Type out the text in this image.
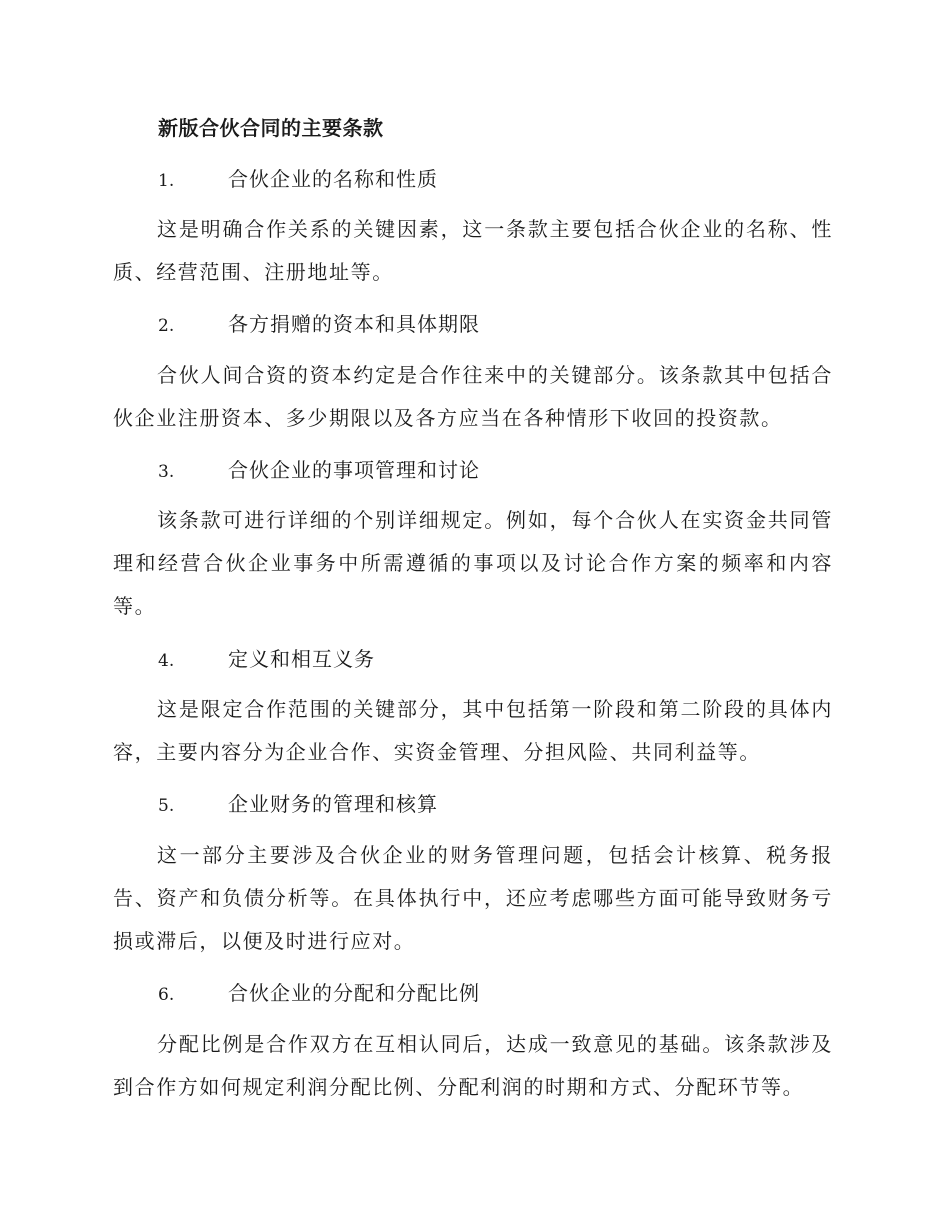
新版合伙合同的主要条款
1.	合伙企业的名称和性质
这是明确合作关系的关键因素，这一条款主要包括合伙企业的名称、性质、经营范围、注册地址等。
2.	各方捐赠的资本和具体期限
合伙人间合资的资本约定是合作往来中的关键部分。该条款其中包括合伙企业注册资本、多少期限以及各方应当在各种情形下收回的投资款。
3.	合伙企业的事项管理和讨论
该条款可进行详细的个别详细规定。例如，每个合伙人在实资金共同管理和经营合伙企业事务中所需遵循的事项以及讨论合作方案的频率和内容等。
4.	定义和相互义务
这是限定合作范围的关键部分，其中包括第一阶段和第二阶段的具体内容，主要内容分为企业合作、实资金管理、分担风险、共同利益等。
5.	企业财务的管理和核算
这一部分主要涉及合伙企业的财务管理问题，包括会计核算、税务报告、资产和负债分析等。在具体执行中，还应考虑哪些方面可能导致财务亏损或滞后，以便及时进行应对。
6.	合伙企业的分配和分配比例
分配比例是合作双方在互相认同后，达成一致意见的基础。该条款涉及到合作方如何规定利润分配比例、分配利润的时期和方式、分配环节等。
